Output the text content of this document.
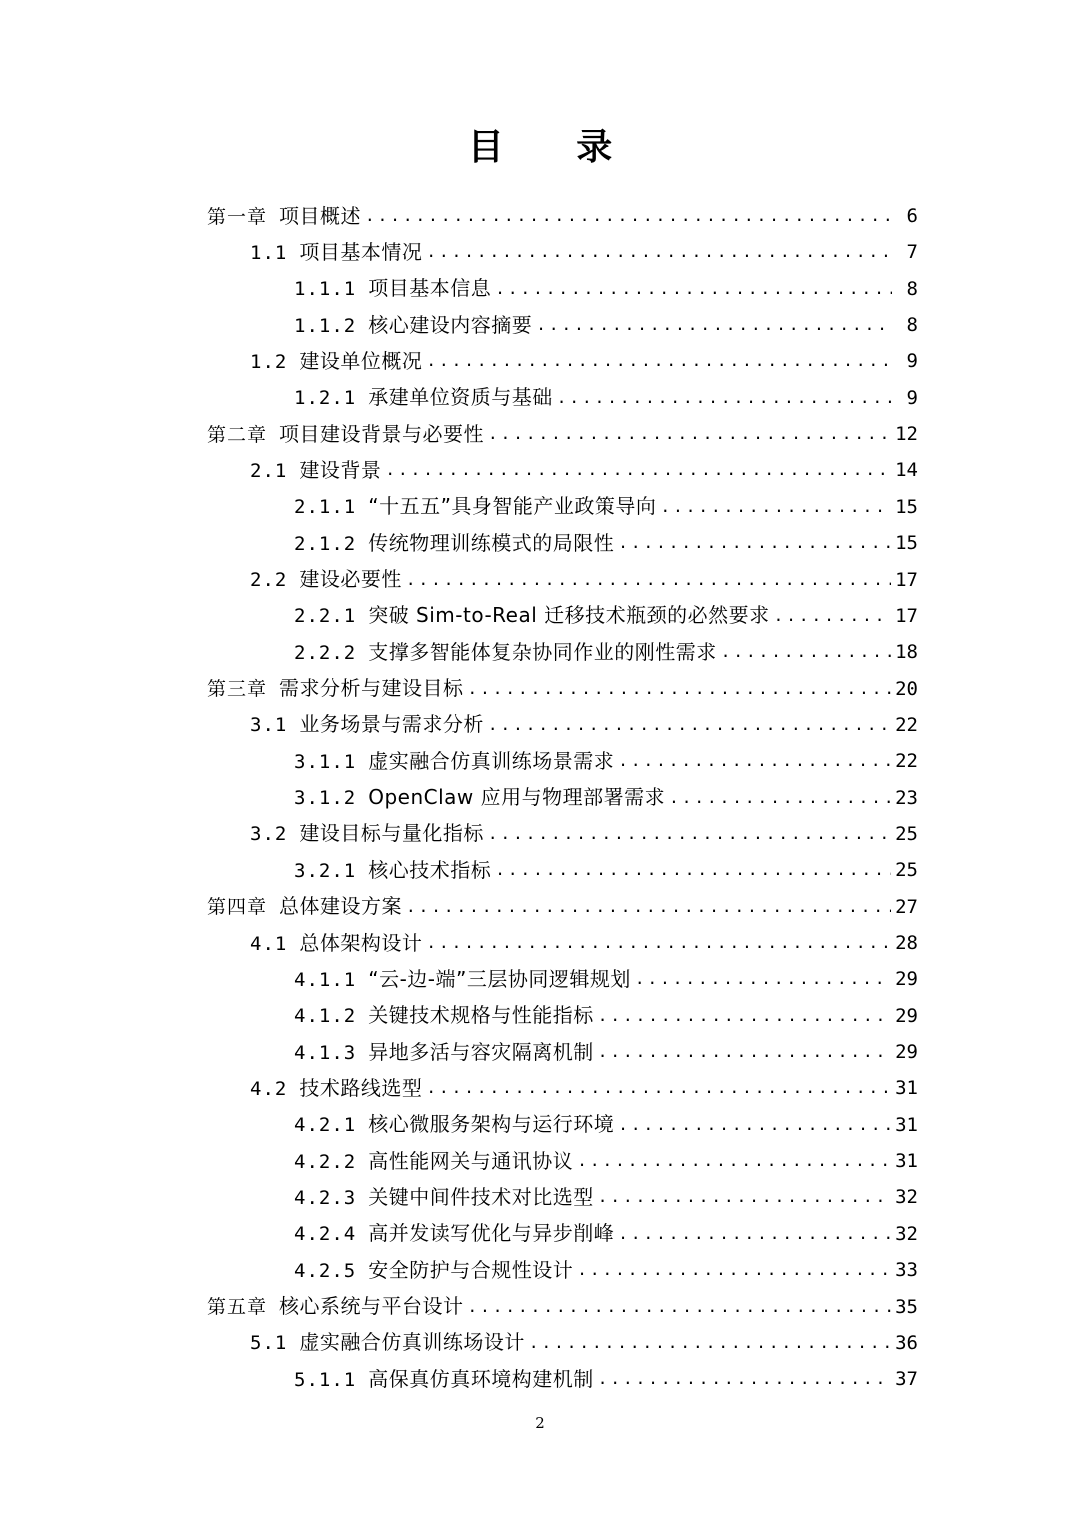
目 录
第一章 项目概述 .....	6
1.1 项目基本情况 .....	7
1.1.1 项目基本信息 .....	8
1.1.2 核心建设内容摘要 .....	8
1.2 建设单位概况 .....	9
1.2.1 承建单位资质与基础 .....	9
第二章 项目建设背景与必要性 .....	12
2.1 建设背景 .....	14
2.1.1 “十五五”具身智能产业政策导向 .....	15
2.1.2 传统物理训练模式的局限性 .....	15
2.2 建设必要性 .....	17
2.2.1 突破 Sim-to-Real 迁移技术瓶颈的必然要求 .....	17
2.2.2 支撑多智能体复杂协同作业的刚性需求 .....	18
第三章 需求分析与建设目标 .....	20
3.1 业务场景与需求分析 .....	22
3.1.1 虚实融合仿真训练场景需求 .....	22
3.1.2 OpenClaw 应用与物理部署需求 .....	23
3.2 建设目标与量化指标 .....	25
3.2.1 核心技术指标 .....	25
第四章 总体建设方案 .....	27
4.1 总体架构设计 .....	28
4.1.1 “云-边-端”三层协同逻辑规划 .....	29
4.1.2 关键技术规格与性能指标 .....	29
4.1.3 异地多活与容灾隔离机制 .....	29
4.2 技术路线选型 .....	31
4.2.1 核心微服务架构与运行环境 .....	31
4.2.2 高性能网关与通讯协议 .....	31
4.2.3 关键中间件技术对比选型 .....	32
4.2.4 高并发读写优化与异步削峰 .....	32
4.2.5 安全防护与合规性设计 .....	33
第五章 核心系统与平台设计 .....	35
5.1 虚实融合仿真训练场设计 .....	36
5.1.1 高保真仿真环境构建机制 .....	37
2
